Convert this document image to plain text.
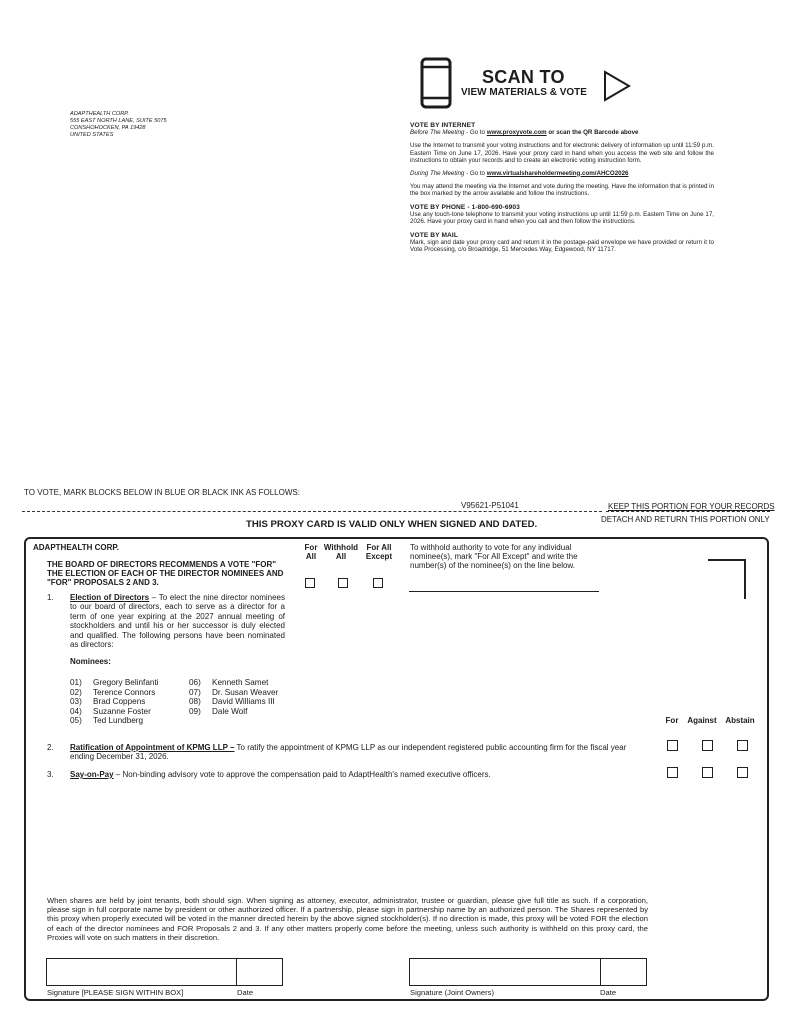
SCAN TO
VIEW MATERIALS & VOTE
ADAPTHEALTH CORP.
555 EAST NORTH LANE, SUITE 5075
CONSHOHOCKEN, PA 19428
UNITED STATES
VOTE BY INTERNET
Before The Meeting - Go to www.proxyvote.com or scan the QR Barcode above
Use the Internet to transmit your voting instructions and for electronic delivery of information up until 11:59 p.m. Eastern Time on June 17, 2026. Have your proxy card in hand when you access the web site and follow the instructions to obtain your records and to create an electronic voting instruction form.
During The Meeting - Go to www.virtualshareholdermeeting.com/AHCO2026
You may attend the meeting via the Internet and vote during the meeting. Have the information that is printed in the box marked by the arrow available and follow the instructions.
VOTE BY PHONE - 1-800-690-6903
Use any touch-tone telephone to transmit your voting instructions up until 11:59 p.m. Eastern Time on June 17, 2026. Have your proxy card in hand when you call and then follow the instructions.
VOTE BY MAIL
Mark, sign and date your proxy card and return it in the postage-paid envelope we have provided or return it to Vote Processing, c/o Broadridge, 51 Mercedes Way, Edgewood, NY 11717.
TO VOTE, MARK BLOCKS BELOW IN BLUE OR BLACK INK AS FOLLOWS:
V95621-P51041	KEEP THIS PORTION FOR YOUR RECORDS
DETACH AND RETURN THIS PORTION ONLY
THIS PROXY CARD IS VALID ONLY WHEN SIGNED AND DATED.
ADAPTHEALTH CORP.
THE BOARD OF DIRECTORS RECOMMENDS A VOTE "FOR" THE ELECTION OF EACH OF THE DIRECTOR NOMINEES AND "FOR" PROPOSALS 2 AND 3.
For All
Withhold All
For All Except
To withhold authority to vote for any individual nominee(s), mark "For All Except" and write the number(s) of the nominee(s) on the line below.
1. Election of Directors – To elect the nine director nominees to our board of directors, each to serve as a director for a term of one year expiring at the 2027 annual meeting of stockholders and until his or her successor is duly elected and qualified. The following persons have been nominated as directors:
Nominees:
01) Gregory Belinfanti
02) Terence Connors
03) Brad Coppens
04) Suzanne Foster
05) Ted Lundberg
06) Kenneth Samet
07) Dr. Susan Weaver
08) David Williams III
09) Dale Wolf
For	Against	Abstain
2. Ratification of Appointment of KPMG LLP – To ratify the appointment of KPMG LLP as our independent registered public accounting firm for the fiscal year ending December 31, 2026.
3. Say-on-Pay – Non-binding advisory vote to approve the compensation paid to AdaptHealth's named executive officers.
When shares are held by joint tenants, both should sign. When signing as attorney, executor, administrator, trustee or guardian, please give full title as such. If a corporation, please sign in full corporate name by president or other authorized officer. If a partnership, please sign in partnership name by an authorized person. The Shares represented by this proxy when properly executed will be voted in the manner directed herein by the above signed stockholder(s). If no direction is made, this proxy will be voted FOR the election of each of the director nominees and FOR Proposals 2 and 3. If any other matters properly come before the meeting, unless such authority is withheld on this proxy card, the Proxies will vote on such matters in their discretion.
Signature [PLEASE SIGN WITHIN BOX]	Date	Signature (Joint Owners)	Date
